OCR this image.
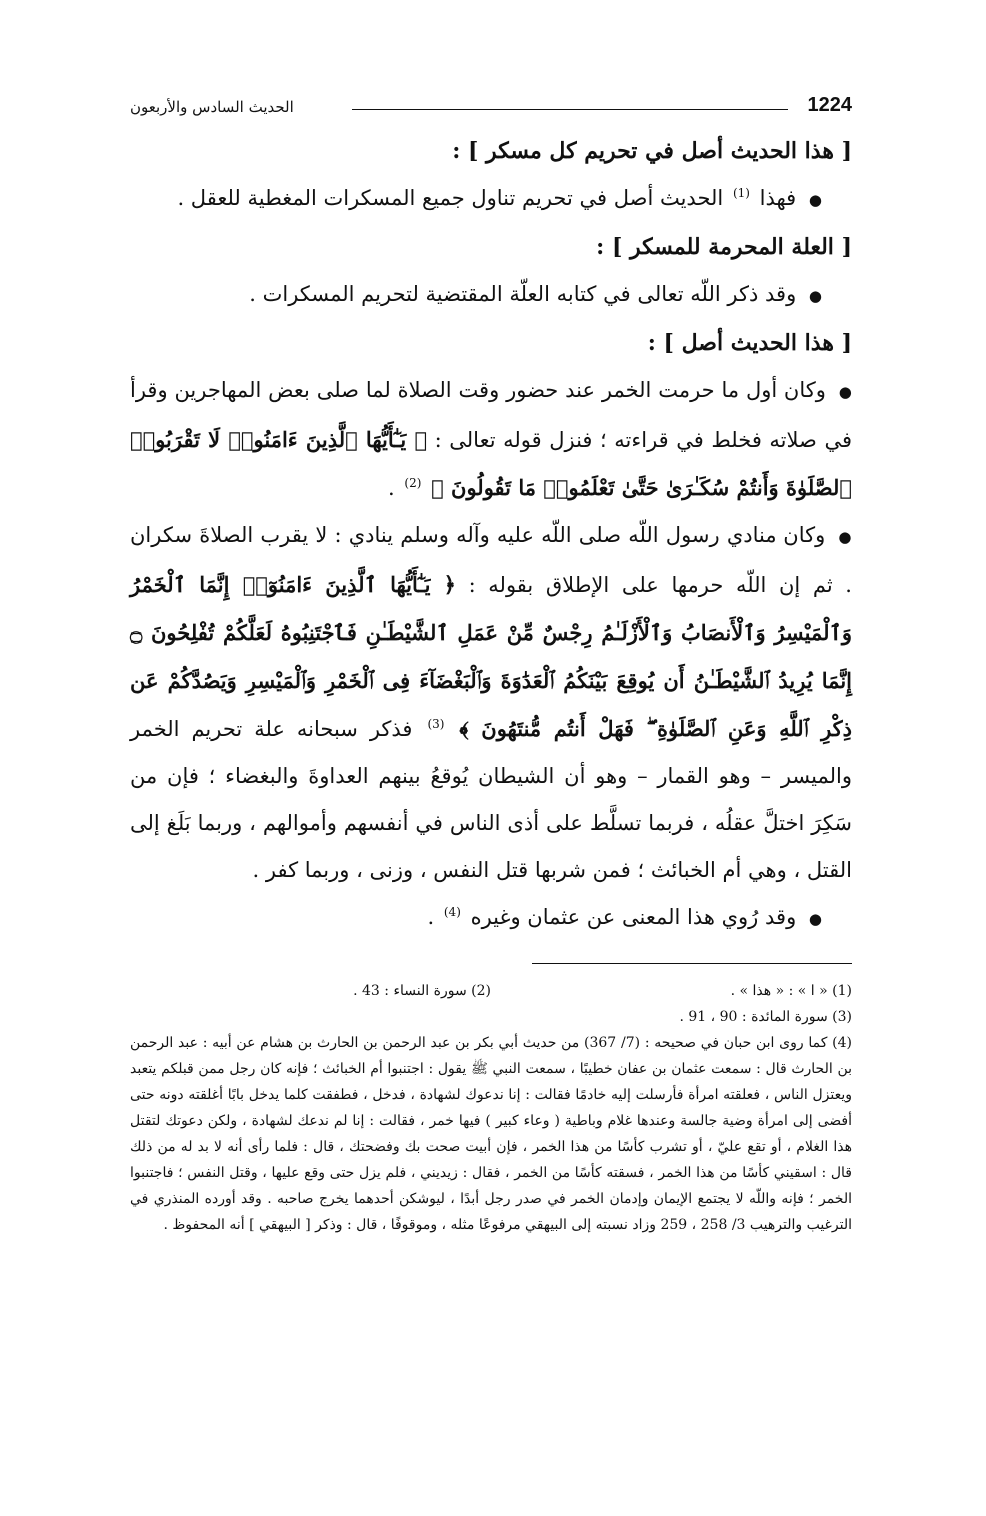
1224
الحديث السادس والأربعون

[ هذا الحديث أصل في تحريم كل مسكر ] :

● فهذا $^{(1)}$ الحديث أصل في تحريم تناول جميع المسكرات المغطية للعقل .

[ العلة المحرمة للمسكر ] :

● وقد ذكر اللّه تعالى في كتابه العلّة المقتضية لتحريم المسكرات .

[ هذا الحديث أصل ] :

● وكان أول ما حرمت الخمر عند حضور وقت الصلاة لما صلى بعض المهاجرين وقرأ في صلاته فخلط في قراءته ؛ فنزل قوله تعالى : ﴿ يَـٰٓأَيُّهَا ٱلَّذِينَ ءَامَنُوا۟ لَا تَقْرَبُوا۟ ٱلصَّلَوٰةَ وَأَنتُمْ سُكَـٰرَىٰ حَتَّىٰ تَعْلَمُوا۟ مَا تَقُولُونَ ﴾ $^{(2)}$ .

● وكان منادي رسول اللّه صلى اللّه عليه وآله وسلم ينادي : لا يقرب الصلاةَ سكران . ثم إن اللّه حرمها على الإطلاق بقوله : ﴿ يَـٰٓأَيُّهَا ٱلَّذِينَ ءَامَنُوٓا۟ إِنَّمَا ٱلْخَمْرُ وَٱلْمَيْسِرُ وَٱلْأَنصَابُ وَٱلْأَزْلَـٰمُ رِجْسٌ مِّنْ عَمَلِ ٱلشَّيْطَـٰنِ فَٱجْتَنِبُوهُ لَعَلَّكُمْ تُفْلِحُونَ ۝ إِنَّمَا يُرِيدُ ٱلشَّيْطَـٰنُ أَن يُوقِعَ بَيْنَكُمُ ٱلْعَدَٰوَةَ وَٱلْبَغْضَآءَ فِى ٱلْخَمْرِ وَٱلْمَيْسِرِ وَيَصُدَّكُمْ عَن ذِكْرِ ٱللَّهِ وَعَنِ ٱلصَّلَوٰةِ ۖ فَهَلْ أَنتُم مُّنتَهُونَ ﴾ $^{(3)}$ فذكر سبحانه علة تحريم الخمر والميسر – وهو القمار – وهو أن الشيطان يُوقعُ بينهم العداوةَ والبغضاء ؛ فإن من سَكِرَ اختلَّ عقلُه ، فربما تسلَّط على أذى الناس في أنفسهم وأموالهم ، وربما بَلَغ إلى القتل ، وهي أم الخبائث ؛ فمن شربها قتل النفس ، وزنى ، وربما كفر .

● وقد رُوي هذا المعنى عن عثمان وغيره $^{(4)}$ .

(1) « ا » : « هذا » .
(2) سورة النساء : 43 .

(3) سورة المائدة : 90 ، 91 .

(4) كما روى ابن حبان في صحيحه : (7/ 367) من حديث أبي بكر بن عبد الرحمن بن الحارث بن هشام عن أبيه : عبد الرحمن بن الحارث قال : سمعت عثمان بن عفان خطيبًا ، سمعت النبي ﷺ يقول : اجتنبوا أم الخبائث ؛ فإنه كان رجل ممن قبلكم يتعبد ويعتزل الناس ، فعلقته امرأة فأرسلت إليه خادمًا فقالت : إنا ندعوك لشهادة ، فدخل ، فطفقت كلما يدخل بابًا أغلقته دونه حتى أفضى إلى امرأة وضية جالسة وعندها غلام وباطية ( وعاء كبير ) فيها خمر ، فقالت : إنا لم ندعك لشهادة ، ولكن دعوتك لتقتل هذا الغلام ، أو تقع عليّ ، أو تشرب كأسًا من هذا الخمر ، فإن أبيت صحت بك وفضحتك ، قال : فلما رأى أنه لا بد له من ذلك قال : اسقيني كأسًا من هذا الخمر ، فسقته كأسًا من الخمر ، فقال : زيديني ، فلم يزل حتى وقع عليها ، وقتل النفس ؛ فاجتنبوا الخمر ؛ فإنه واللّه لا يجتمع الإيمان وإدمان الخمر في صدر رجل أبدًا ، ليوشكن أحدهما يخرج صاحبه . وقد أورده المنذري في الترغيب والترهيب 3/ 258 ، 259 وزاد نسبته إلى البيهقي مرفوعًا مثله ، وموقوفًا ، قال : وذكر [ البيهقي ] أنه المحفوظ .
